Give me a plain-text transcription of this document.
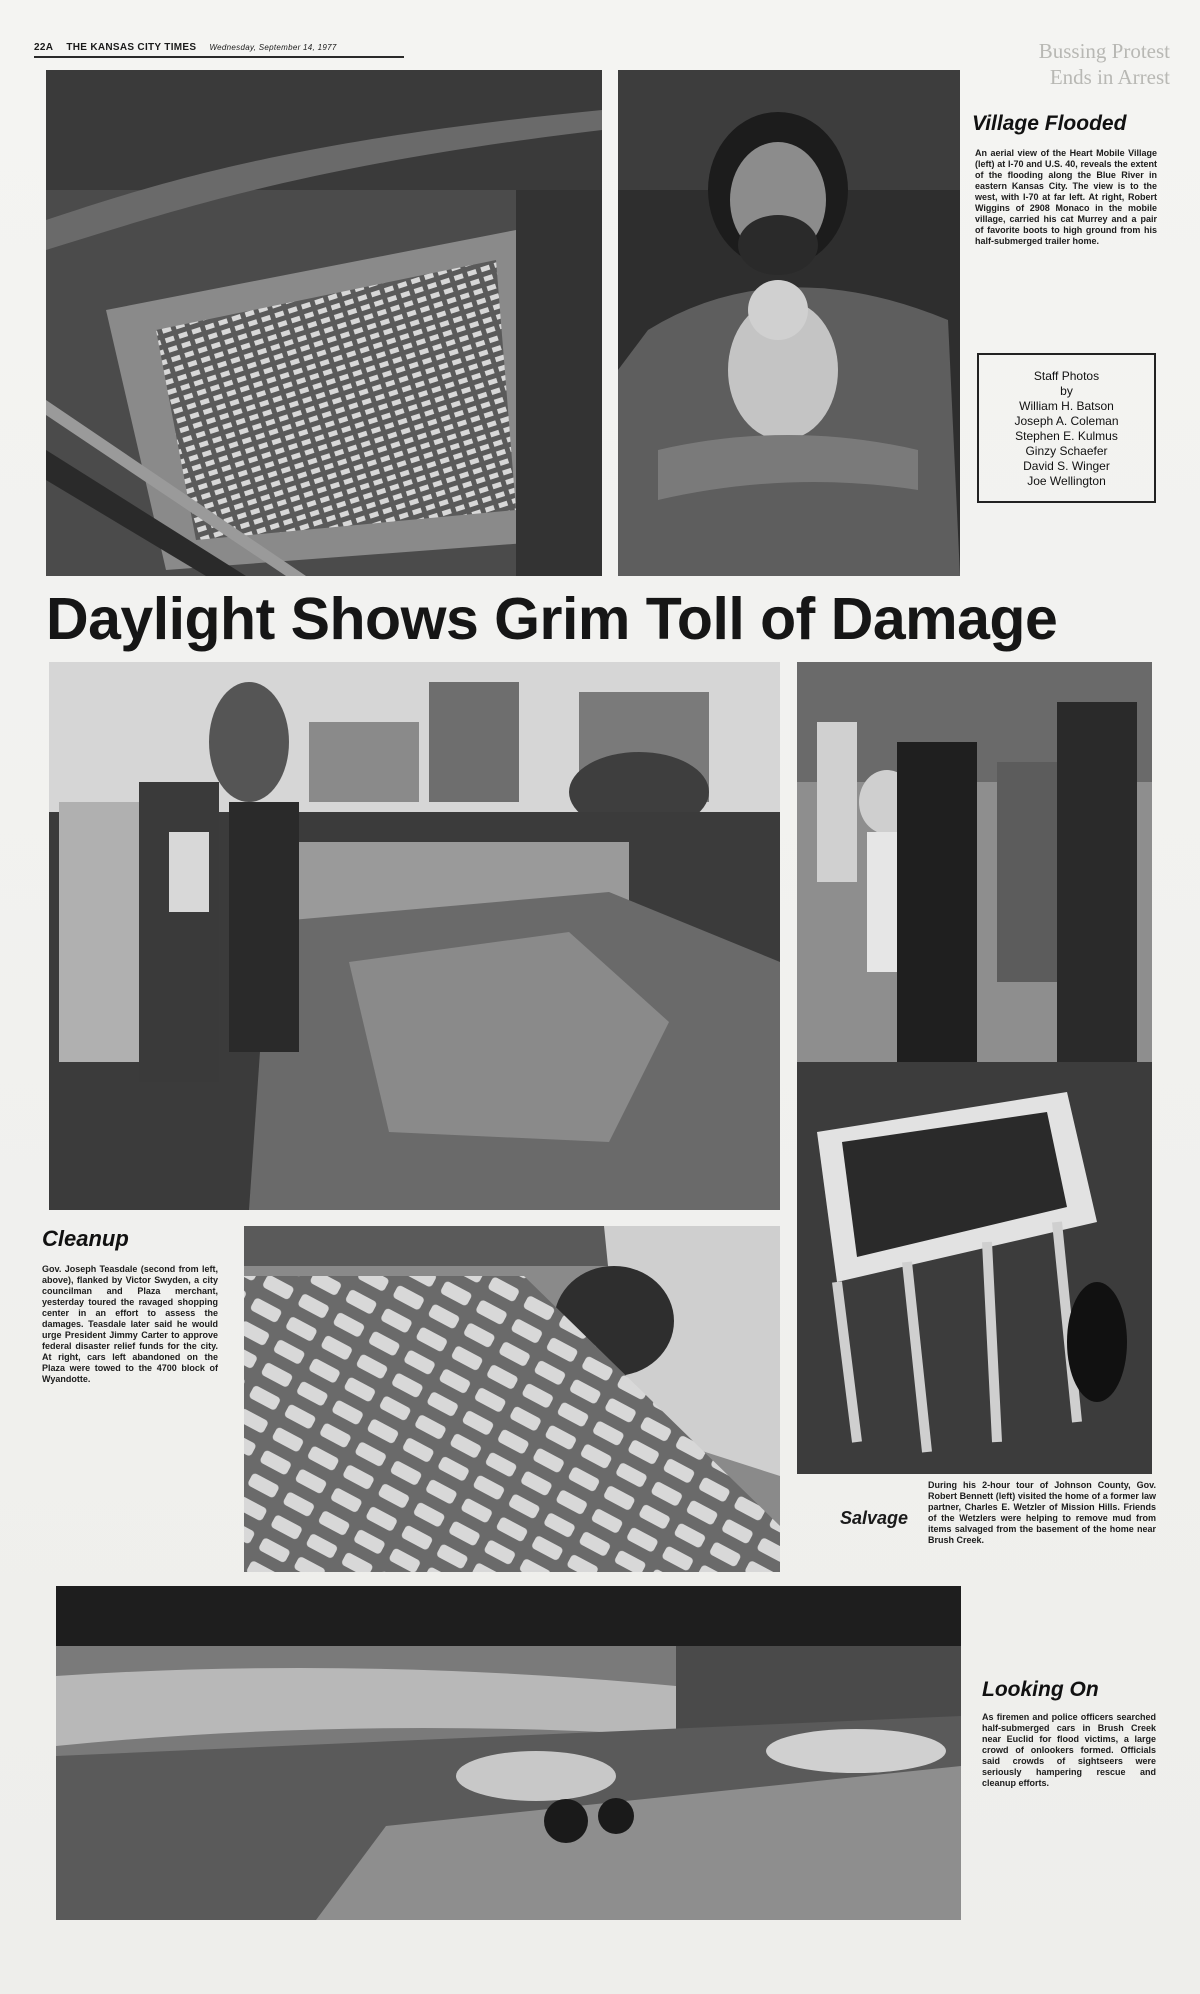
22A THE KANSAS CITY TIMES Wednesday, September 14, 1977	Bussing Protest
Ends in Arrest
Village Flooded
An aerial view of the Heart Mobile Village (left) at I-70 and U.S. 40, reveals the extent of the flooding along the Blue River in eastern Kansas City. The view is to the west, with I-70 at far left. At right, Robert Wiggins of 2908 Monaco in the mobile village, carried his cat Murrey and a pair of favorite boots to high ground from his half-submerged trailer home.
Staff Photos
by
William H. Batson
Joseph A. Coleman
Stephen E. Kulmus
Ginzy Schaefer
David S. Winger
Joe Wellington
Daylight Shows Grim Toll of Damage
Cleanup
Gov. Joseph Teasdale (second from left, above), flanked by Victor Swyden, a city councilman and Plaza merchant, yesterday toured the ravaged shopping center in an effort to assess the damages. Teasdale later said he would urge President Jimmy Carter to approve federal disaster relief funds for the city. At right, cars left abandoned on the Plaza were towed to the 4700 block of Wyandotte.
Salvage
During his 2-hour tour of Johnson County, Gov. Robert Bennett (left) visited the home of a former law partner, Charles E. Wetzler of Mission Hills. Friends of the Wetzlers were helping to remove mud from items salvaged from the basement of the home near Brush Creek.
Looking On
As firemen and police officers searched half-submerged cars in Brush Creek near Euclid for flood victims, a large crowd of onlookers formed. Officials said crowds of sightseers were seriously hampering rescue and cleanup efforts.
